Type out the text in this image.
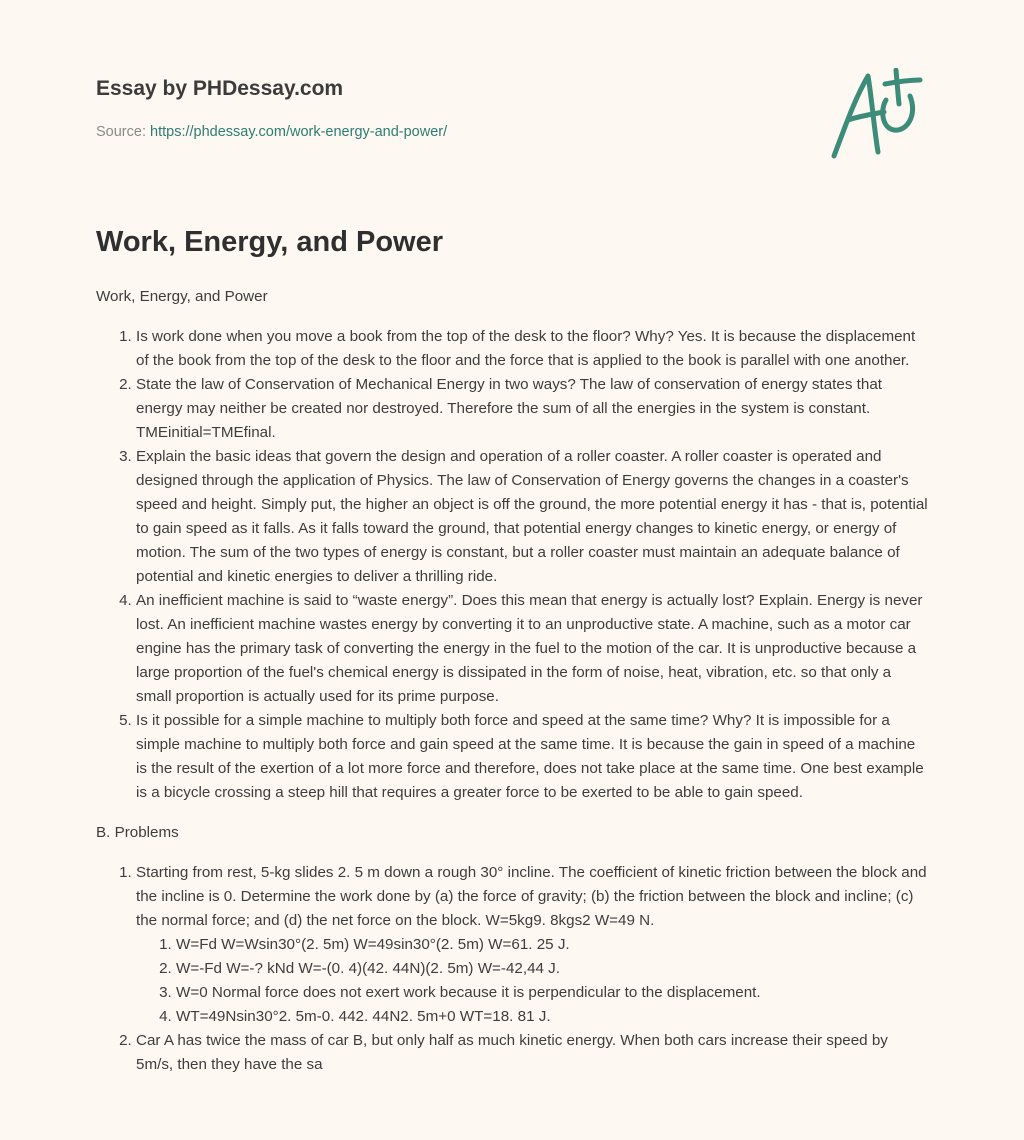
Essay by PHDessay.com
Source: https://phdessay.com/work-energy-and-power/
Work, Energy, and Power

Work, Energy, and Power

1. Is work done when you move a book from the top of the desk to the floor? Why? Yes. It is because the displacement of the book from the top of the desk to the floor and the force that is applied to the book is parallel with one another.
2. State the law of Conservation of Mechanical Energy in two ways? The law of conservation of energy states that energy may neither be created nor destroyed. Therefore the sum of all the energies in the system is constant. TMEinitial=TMEfinal.
3. Explain the basic ideas that govern the design and operation of a roller coaster. A roller coaster is operated and designed through the application of Physics. The law of Conservation of Energy governs the changes in a coaster's speed and height. Simply put, the higher an object is off the ground, the more potential energy it has - that is, potential to gain speed as it falls. As it falls toward the ground, that potential energy changes to kinetic energy, or energy of motion. The sum of the two types of energy is constant, but a roller coaster must maintain an adequate balance of potential and kinetic energies to deliver a thrilling ride.
4. An inefficient machine is said to “waste energy”. Does this mean that energy is actually lost? Explain. Energy is never lost. An inefficient machine wastes energy by converting it to an unproductive state. A machine, such as a motor car engine has the primary task of converting the energy in the fuel to the motion of the car. It is unproductive because a large proportion of the fuel's chemical energy is dissipated in the form of noise, heat, vibration, etc. so that only a small proportion is actually used for its prime purpose.
5. Is it possible for a simple machine to multiply both force and speed at the same time? Why? It is impossible for a simple machine to multiply both force and gain speed at the same time. It is because the gain in speed of a machine is the result of the exertion of a lot more force and therefore, does not take place at the same time. One best example is a bicycle crossing a steep hill that requires a greater force to be exerted to be able to gain speed.

B. Problems

1. Starting from rest, 5-kg slides 2. 5 m down a rough 30° incline. The coefficient of kinetic friction between the block and the incline is 0. Determine the work done by (a) the force of gravity; (b) the friction between the block and incline; (c) the normal force; and (d) the net force on the block. W=5kg9. 8kgs2 W=49 N.
1. W=Fd W=Wsin30°(2. 5m) W=49sin30°(2. 5m) W=61. 25 J.
2. W=-Fd W=-? kNd W=-(0. 4)(42. 44N)(2. 5m) W=-42,44 J.
3. W=0 Normal force does not exert work because it is perpendicular to the displacement.
4. WT=49Nsin30°2. 5m-0. 442. 44N2. 5m+0 WT=18. 81 J.
2. Car A has twice the mass of car B, but only half as much kinetic energy. When both cars increase their speed by 5m/s, then they have the sa
